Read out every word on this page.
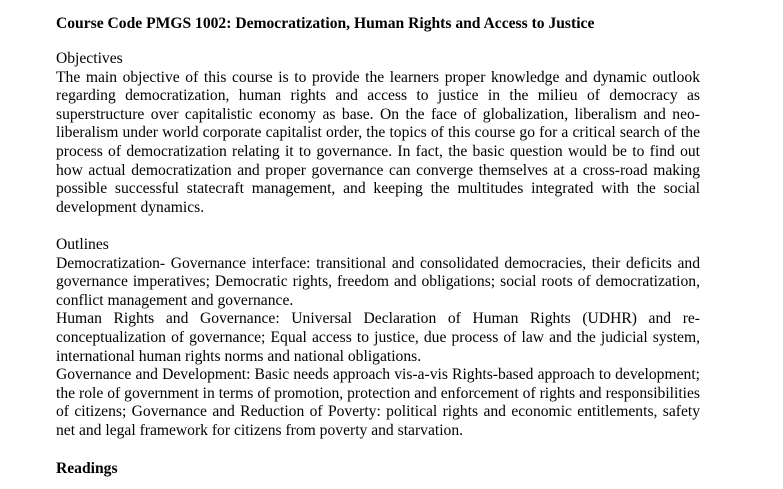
Course Code PMGS 1002: Democratization, Human Rights and Access to Justice

Objectives

The main objective of this course is to provide the learners proper knowledge and dynamic outlook regarding democratization, human rights and access to justice in the milieu of democracy as superstructure over capitalistic economy as base. On the face of globalization, liberalism and neo-liberalism under world corporate capitalist order, the topics of this course go for a critical search of the process of democratization relating it to governance. In fact, the basic question would be to find out how actual democratization and proper governance can converge themselves at a cross-road making possible successful statecraft management, and keeping the multitudes integrated with the social development dynamics.

Outlines

Democratization- Governance interface: transitional and consolidated democracies, their deficits and governance imperatives; Democratic rights, freedom and obligations; social roots of democratization, conflict management and governance.

Human Rights and Governance: Universal Declaration of Human Rights (UDHR) and re-conceptualization of governance; Equal access to justice, due process of law and the judicial system, international human rights norms and national obligations.

Governance and Development: Basic needs approach vis-a-vis Rights-based approach to development; the role of government in terms of promotion, protection and enforcement of rights and responsibilities of citizens; Governance and Reduction of Poverty: political rights and economic entitlements, safety net and legal framework for citizens from poverty and starvation.

Readings
